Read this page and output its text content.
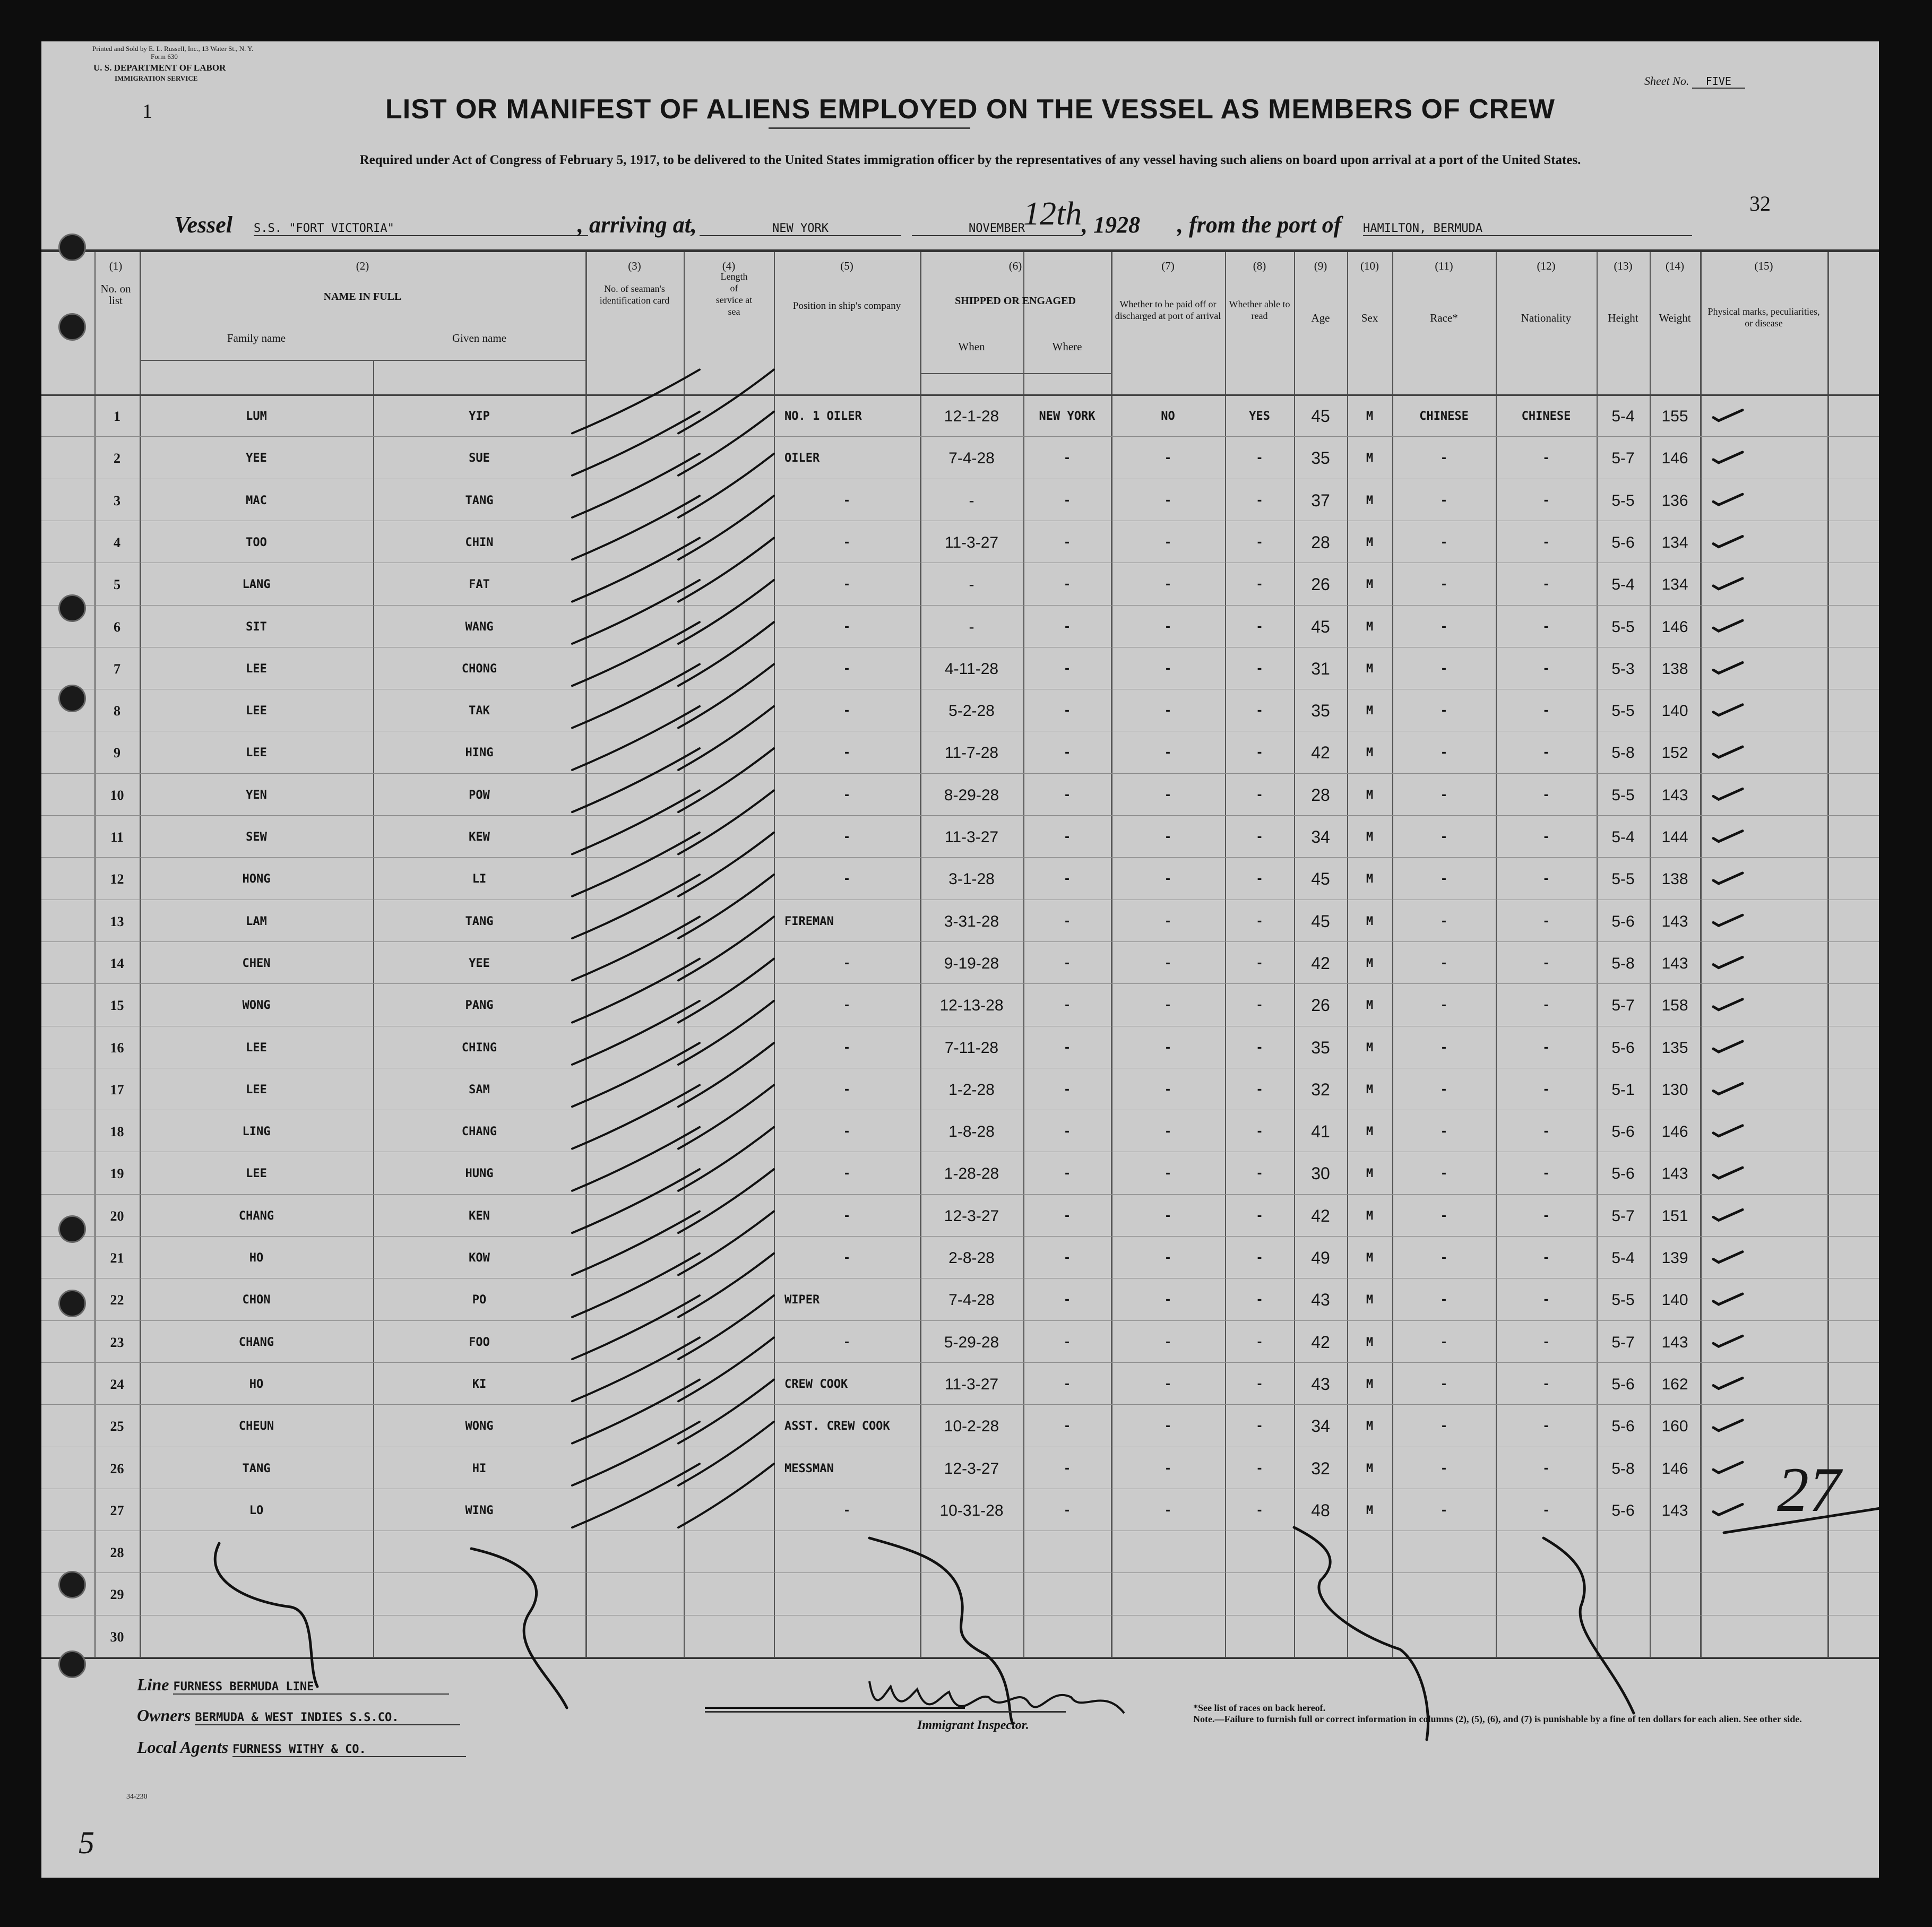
Printed and Sold by E. L. Russell, Inc., 13 Water St., N. Y.
Form 630
U. S. DEPARTMENT OF LABOR
IMMIGRATION SERVICE
1
Sheet No. FIVE
LIST OR MANIFEST OF ALIENS EMPLOYED ON THE VESSEL AS MEMBERS OF CREW
Required under Act of Congress of February 5, 1917, to be delivered to the United States immigration officer by the representatives of any vessel having such aliens on board upon arrival at a port of the United States.
32
Vessel S.S. "FORT VICTORIA"	, arriving at,	NEW YORK	NOVEMBER
12th , 1928 , from the port of HAMILTON, BERMUDA
(1)
No. on list
(2)
NAME IN FULL
Family name	Given name
(3)
No. of seaman's identification card
(4)
Length of service at sea
(5)
Position in ship's company
(6)
SHIPPED OR ENGAGED
When	Where
(7)
Whether to be paid off or discharged at port of arrival
(8)
Whether able to read
(9)
Age
(10)
Sex
(11)
Race*
(12)
Nationality
(13)
Height
(14)
Weight
(15)
Physical marks, peculiarities, or disease
1	LUM	YIP	NO. 1 OILER	12-1-28	NEW YORK	NO	YES	45	M	CHINESE	CHINESE	5-4	155
2	YEE	SUE	OILER	7-4-28	-	-	-	35	M	-	-	5-7	146
3	MAC	TANG	-	-	-	-	-	37	M	-	-	5-5	136
4	TOO	CHIN	-	11-3-27	-	-	-	28	M	-	-	5-6	134
5	LANG	FAT	-	-	-	-	-	26	M	-	-	5-4	134
6	SIT	WANG	-	-	-	-	-	45	M	-	-	5-5	146
7	LEE	CHONG	-	4-11-28	-	-	-	31	M	-	-	5-3	138
8	LEE	TAK	-	5-2-28	-	-	-	35	M	-	-	5-5	140
9	LEE	HING	-	11-7-28	-	-	-	42	M	-	-	5-8	152
10	YEN	POW	-	8-29-28	-	-	-	28	M	-	-	5-5	143
11	SEW	KEW	-	11-3-27	-	-	-	34	M	-	-	5-4	144
12	HONG	LI	-	3-1-28	-	-	-	45	M	-	-	5-5	138
13	LAM	TANG	FIREMAN	3-31-28	-	-	-	45	M	-	-	5-6	143
14	CHEN	YEE	-	9-19-28	-	-	-	42	M	-	-	5-8	143
15	WONG	PANG	-	12-13-28	-	-	-	26	M	-	-	5-7	158
16	LEE	CHING	-	7-11-28	-	-	-	35	M	-	-	5-6	135
17	LEE	SAM	-	1-2-28	-	-	-	32	M	-	-	5-1	130
18	LING	CHANG	-	1-8-28	-	-	-	41	M	-	-	5-6	146
19	LEE	HUNG	-	1-28-28	-	-	-	30	M	-	-	5-6	143
20	CHANG	KEN	-	12-3-27	-	-	-	42	M	-	-	5-7	151
21	HO	KOW	-	2-8-28	-	-	-	49	M	-	-	5-4	139
22	CHON	PO	WIPER	7-4-28	-	-	-	43	M	-	-	5-5	140
23	CHANG	FOO	-	5-29-28	-	-	-	42	M	-	-	5-7	143
24	HO	KI	CREW COOK	11-3-27	-	-	-	43	M	-	-	5-6	162
25	CHEUN	WONG	ASST. CREW COOK	10-2-28	-	-	-	34	M	-	-	5-6	160
26	TANG	HI	MESSMAN	12-3-27	-	-	-	32	M	-	-	5-8	146
27	LO	WING	-	10-31-28	-	-	-	48	M	-	-	5-6	143
28
29
30
27
Line FURNESS BERMUDA LINE
Owners BERMUDA & WEST INDIES S.S.CO.
Local Agents FURNESS WITHY & CO.
34-230
5
Immigrant Inspector.
*See list of races on back hereof.
Note.—Failure to furnish full or correct information in columns (2), (5), (6), and (7) is punishable by a fine of ten dollars for each alien. See other side.
